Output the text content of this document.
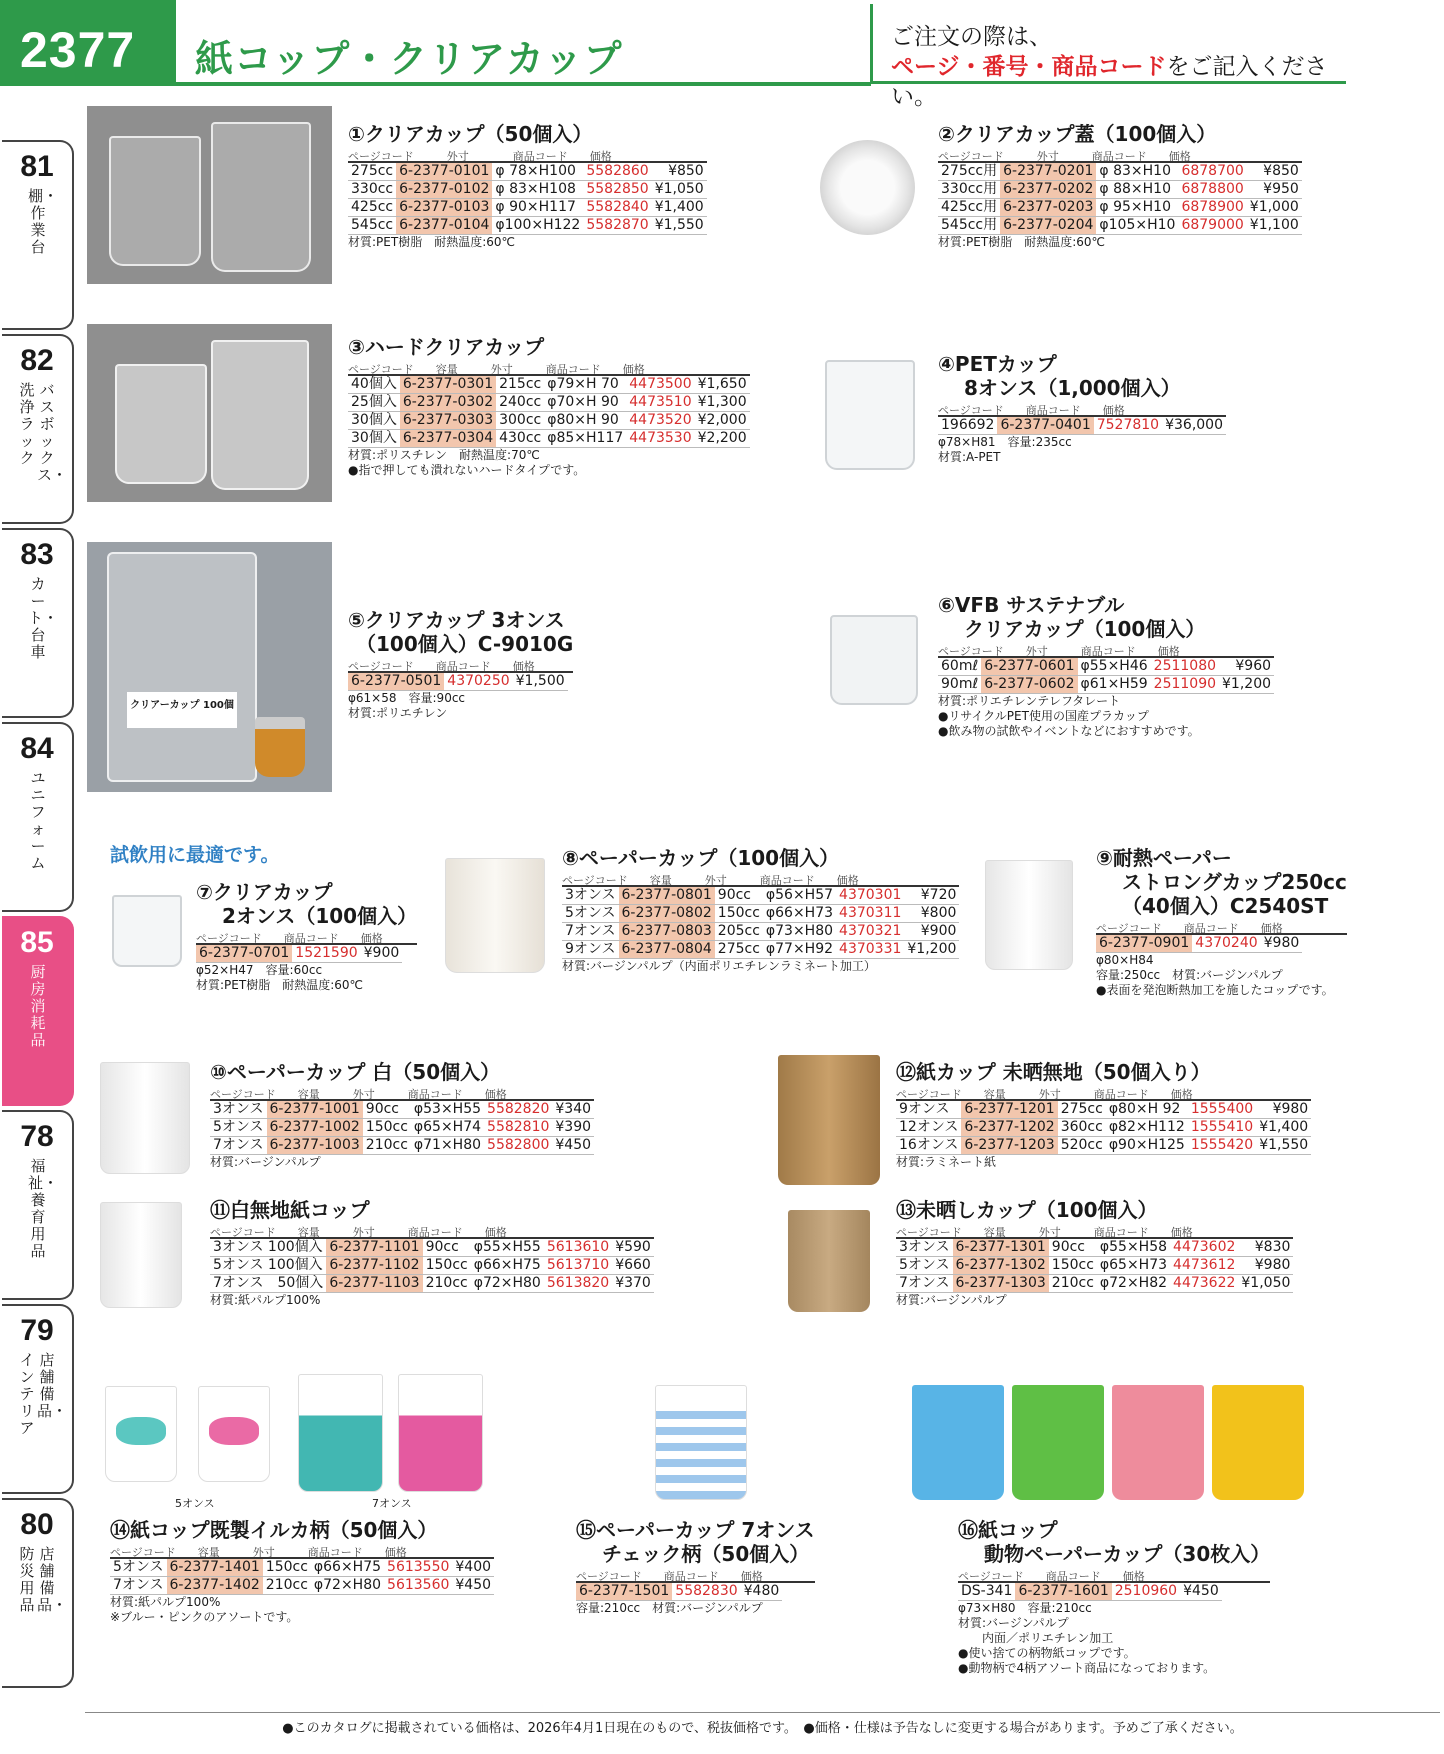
2377	紙コップ・クリアカップ	ご注文の際は、
ページ・番号・商品コードをご記入ください。
81
棚・作業台
82
洗浄ラック
バスボックス・
83
カート・台車
84
ユニフォーム
85
厨房消耗品
78
福祉・養育用品
79
インテリア
店舗備品・
80
防災用品
店舗備品・
クリアーカップ 100個
試飲用に最適です。
5オンス	7オンス
①クリアカップ（50個入）
ページコード　　　外寸　　　　商品コード　　価格
275cc	6-2377-0101	φ 78×H100	5582860	¥850
330cc	6-2377-0102	φ 83×H108	5582850	¥1,050
425cc	6-2377-0103	φ 90×H117	5582840	¥1,400
545cc	6-2377-0104	φ100×H122	5582870	¥1,550
材質:PET樹脂　耐熱温度:60℃
②クリアカップ蓋（100個入）
ページコード　　　外寸　　　商品コード　　価格
275cc用	6-2377-0201	φ 83×H10	6878700	¥850
330cc用	6-2377-0202	φ 88×H10	6878800	¥950
425cc用	6-2377-0203	φ 95×H10	6878900	¥1,000
545cc用	6-2377-0204	φ105×H10	6879000	¥1,100
材質:PET樹脂　耐熱温度:60℃
③ハードクリアカップ
ページコード　　容量　　　外寸　　　商品コード　　価格
40個入	6-2377-0301	215cc	φ79×H 70	4473500	¥1,650
25個入	6-2377-0302	240cc	φ70×H 90	4473510	¥1,300
30個入	6-2377-0303	300cc	φ80×H 90	4473520	¥2,000
30個入	6-2377-0304	430cc	φ85×H117	4473530	¥2,200
材質:ポリスチレン　耐熱温度:70℃
●指で押しても潰れないハードタイプです。
④PETカップ
8オンス（1,000個入）
ページコード　　商品コード　　価格
196692	6-2377-0401	7527810	¥36,000
φ78×H81　容量:235cc
材質:A-PET
⑤クリアカップ 3オンス
（100個入）C-9010G
ページコード　　商品コード　　価格
6-2377-0501	4370250	¥1,500
φ61×58　容量:90cc
材質:ポリエチレン
⑥VFB サステナブル
クリアカップ（100個入）
ページコード　　外寸　　　商品コード　　価格
60mℓ	6-2377-0601	φ55×H46	2511080	¥960
90mℓ	6-2377-0602	φ61×H59	2511090	¥1,200
材質:ポリエチレンテレフタレート
●リサイクルPET使用の国産プラカップ
●飲み物の試飲やイベントなどにおすすめです。
⑦クリアカップ
2オンス（100個入）
ページコード　　商品コード　　価格
6-2377-0701	1521590	¥900
φ52×H47　容量:60cc
材質:PET樹脂　耐熱温度:60℃
⑧ペーパーカップ（100個入）
ページコード　　容量　　　外寸　　　商品コード　　価格
3オンス	6-2377-0801	90cc	φ56×H57	4370301	¥720
5オンス	6-2377-0802	150cc	φ66×H73	4370311	¥800
7オンス	6-2377-0803	205cc	φ73×H80	4370321	¥900
9オンス	6-2377-0804	275cc	φ77×H92	4370331	¥1,200
材質:バージンパルプ（内面ポリエチレンラミネート加工）
⑨耐熱ペーパー
ストロングカップ250cc
（40個入）C2540ST
ページコード　　商品コード　　価格
6-2377-0901	4370240	¥980
φ80×H84
容量:250cc　材質:バージンパルプ
●表面を発泡断熱加工を施したコップです。
⑩ペーパーカップ 白（50個入）
ページコード　　容量　　　外寸　　　商品コード　　価格
3オンス	6-2377-1001	90cc	φ53×H55	5582820	¥340
5オンス	6-2377-1002	150cc	φ65×H74	5582810	¥390
7オンス	6-2377-1003	210cc	φ71×H80	5582800	¥450
材質:バージンパルプ
⑪白無地紙コップ
ページコード　　容量　　　外寸　　　商品コード　　価格
3オンス 100個入	6-2377-1101	90cc	φ55×H55	5613610	¥590
5オンス 100個入	6-2377-1102	150cc	φ66×H75	5613710	¥660
7オンス　50個入	6-2377-1103	210cc	φ72×H80	5613820	¥370
材質:紙パルプ100%
⑫紙カップ 未晒無地（50個入り）
ページコード　　容量　　　外寸　　　商品コード　　価格
9オンス	6-2377-1201	275cc	φ80×H 92	1555400	¥980
12オンス	6-2377-1202	360cc	φ82×H112	1555410	¥1,400
16オンス	6-2377-1203	520cc	φ90×H125	1555420	¥1,550
材質:ラミネート紙
⑬未晒しカップ（100個入）
ページコード　　容量　　　外寸　　　商品コード　　価格
3オンス	6-2377-1301	90cc	φ55×H58	4473602	¥830
5オンス	6-2377-1302	150cc	φ65×H73	4473612	¥980
7オンス	6-2377-1303	210cc	φ72×H82	4473622	¥1,050
材質:バージンパルプ
⑭紙コップ既製イルカ柄（50個入）
ページコード　　容量　　　外寸　　　商品コード　　価格
5オンス	6-2377-1401	150cc	φ66×H75	5613550	¥400
7オンス	6-2377-1402	210cc	φ72×H80	5613560	¥450
材質:紙パルプ100%
※ブルー・ピンクのアソートです。
⑮ペーパーカップ 7オンス
チェック柄（50個入）
ページコード　　商品コード　　価格
6-2377-1501	5582830	¥480
容量:210cc　材質:バージンパルプ
⑯紙コップ
動物ペーパーカップ（30枚入）
ページコード　　商品コード　　価格
DS-341	6-2377-1601	2510960	¥450
φ73×H80　容量:210cc
材質:バージンパルプ
　　内面／ポリエチレン加工
●使い捨ての柄物紙コップです。
●動物柄で4柄アソート商品になっております。
●このカタログに掲載されている価格は、2026年4月1日現在のもので、税抜価格です。　●価格・仕様は予告なしに変更する場合があります。予めご了承ください。
